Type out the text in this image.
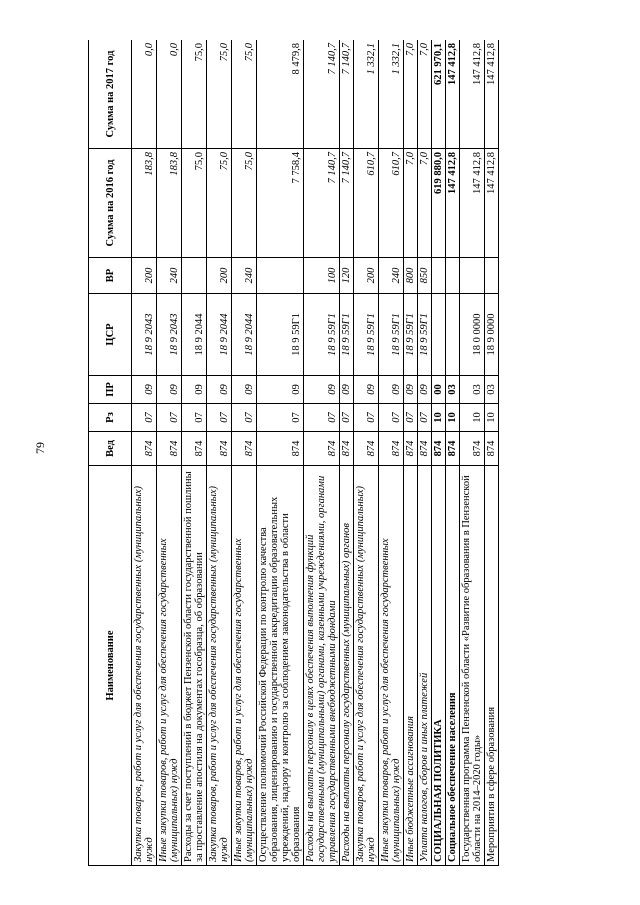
79
Наименование	Вед	Рз	ПР	ЦСР	ВР	Сумма на 2016 год	Сумма на 2017 год
Закупка товаров, работ и услуг для обеспечения государственных (муниципальных) нужд	874	07	09	18 9 2043	200	183,8	0,0
Иные закупки товаров, работ и услуг для обеспечения государственных (муниципальных) нужд	874	07	09	18 9 2043	240	183,8	0,0
Расходы за счет поступлений в бюджет Пензенской области государственной пошлины за проставление апостиля на документах гособразца, об образовании	874	07	09	18 9 2044		75,0	75,0
Закупка товаров, работ и услуг для обеспечения государственных (муниципальных) нужд	874	07	09	18 9 2044	200	75,0	75,0
Иные закупки товаров, работ и услуг для обеспечения государственных (муниципальных) нужд	874	07	09	18 9 2044	240	75,0	75,0
Осуществление полномочий Российской Федерации по контролю качества образования, лицензированию и государственной аккредитации образовательных учреждений, надзору и контролю за соблюдением законодательства в области образования	874	07	09	18 9 59Г1		7 758,4	8 479,8
Расходы на выплаты персоналу в целях обеспечения выполнения функций государственными (муниципальными) органами, казенными учреждениями, органами управления государственными внебюджетными фондами	874	07	09	18 9 59Г1	100	7 140,7	7 140,7
Расходы на выплаты персоналу государственных (муниципальных) органов	874	07	09	18 9 59Г1	120	7 140,7	7 140,7
Закупка товаров, работ и услуг для обеспечения государственных (муниципальных) нужд	874	07	09	18 9 59Г1	200	610,7	1 332,1
Иные закупки товаров, работ и услуг для обеспечения государственных (муниципальных) нужд	874	07	09	18 9 59Г1	240	610,7	1 332,1
Иные бюджетные ассигнования	874	07	09	18 9 59Г1	800	7,0	7,0
Уплата налогов, сборов и иных платежей	874	07	09	18 9 59Г1	850	7,0	7,0
СОЦИАЛЬНАЯ ПОЛИТИКА	874	10	00			619 880,0	621 970,1
Социальное обеспечение населения	874	10	03			147 412,8	147 412,8
Государственная программа Пензенской области «Развитие образования в Пензенской области на 2014–2020 годы»	874	10	03	18 0 0000		147 412,8	147 412,8
Мероприятия в сфере образования	874	10	03	18 9 0000		147 412,8	147 412,8
